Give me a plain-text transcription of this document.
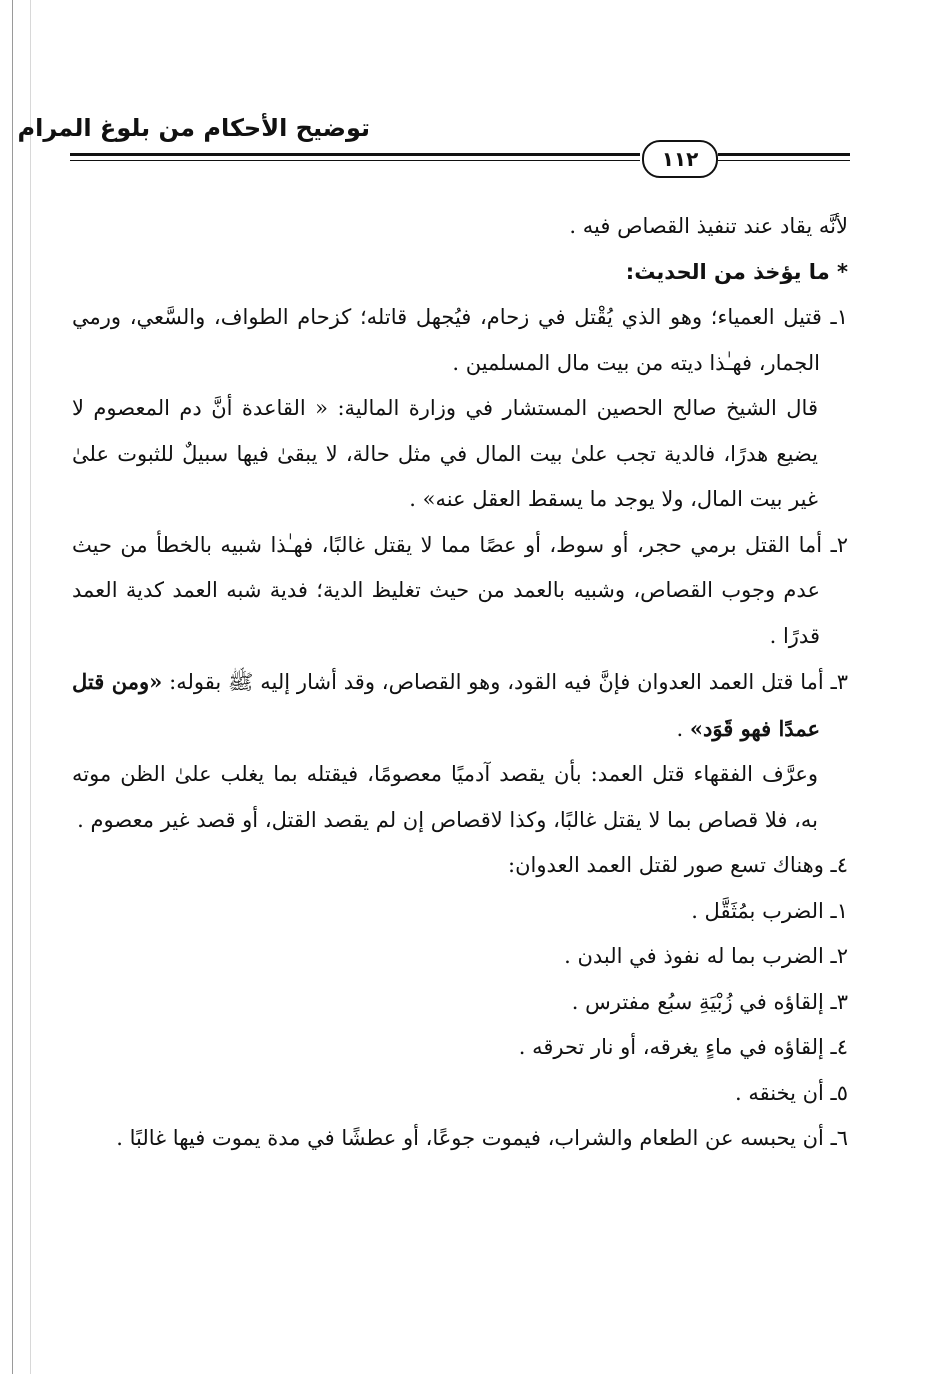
توضيح الأحكام من بلوغ المرام
١١٢

لأنَّه يقاد عند تنفيذ القصاص فيه .

* ما يؤخذ من الحديث:

١ـ قتيل العمياء؛ وهو الذي يُقْتل في زحام، فيُجهل قاتله؛ كزحام الطواف، والسَّعي، ورمي الجمار، فهـٰذا ديته من بيت مال المسلمين .

قال الشيخ صالح الحصين المستشار في وزارة المالية: « القاعدة أنَّ دم المعصوم لا يضيع هدرًا، فالدية تجب علىٰ بيت المال في مثل حالة، لا يبقىٰ فيها سبيلٌ للثبوت علىٰ غير بيت المال، ولا يوجد ما يسقط العقل عنه» .

٢ـ أما القتل برمي حجر، أو سوط، أو عصًا مما لا يقتل غالبًا، فهـٰذا شبيه بالخطأ من حيث عدم وجوب القصاص، وشبيه بالعمد من حيث تغليظ الدية؛ فدية شبه العمد كدية العمد قدرًا .

٣ـ أما قتل العمد العدوان فإنَّ فيه القود، وهو القصاص، وقد أشار إليه ﷺ بقوله: «ومن قتل عمدًا فهو قَوَد» .

وعرَّف الفقهاء قتل العمد: بأن يقصد آدميًا معصومًا، فيقتله بما يغلب علىٰ الظن موته به، فلا قصاص بما لا يقتل غالبًا، وكذا لاقصاص إن لم يقصد القتل، أو قصد غير معصوم .

٤ـ وهناك تسع صور لقتل العمد العدوان:

١ـ الضرب بمُثَقَّل .

٢ـ الضرب بما له نفوذ في البدن .

٣ـ إلقاؤه في زُبْيَةِ سبُع مفترس .

٤ـ إلقاؤه في ماءٍ يغرقه، أو نار تحرقه .

٥ـ أن يخنقه .

٦ـ أن يحبسه عن الطعام والشراب، فيموت جوعًا، أو عطشًا في مدة يموت فيها غالبًا .
